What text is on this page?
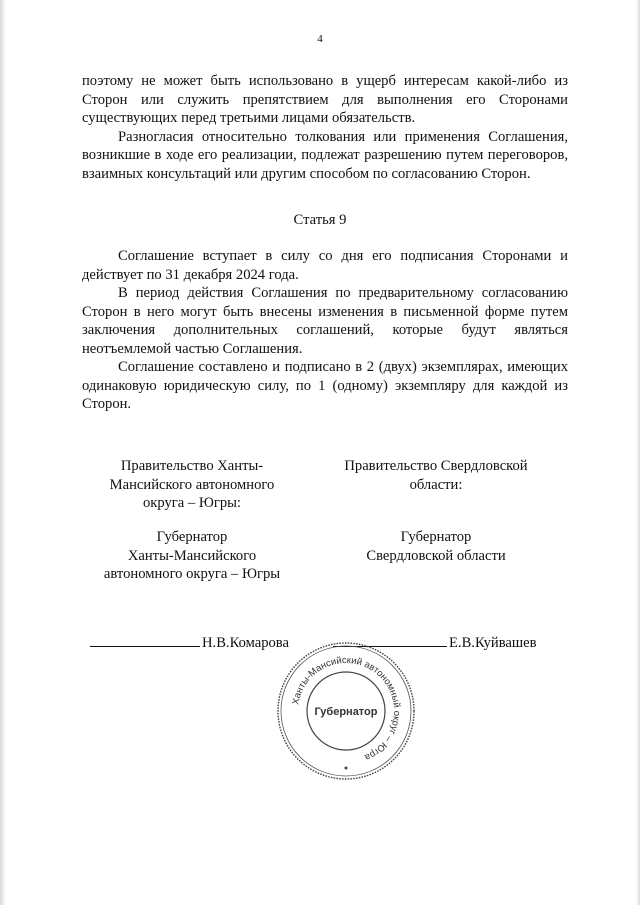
4

поэтому не может быть использовано в ущерб интересам какой-либо из Сторон или служить препятствием для выполнения его Сторонами существующих перед третьими лицами обязательств.

Разногласия относительно толкования или применения Соглашения, возникшие в ходе его реализации, подлежат разрешению путем переговоров, взаимных консультаций или другим способом по согласованию Сторон.

Статья 9

Соглашение вступает в силу со дня его подписания Сторонами и действует по 31 декабря 2024 года.

В период действия Соглашения по предварительному согласованию Сторон в него могут быть внесены изменения в письменной форме путем заключения дополнительных соглашений, которые будут являться неотъемлемой частью Соглашения.

Соглашение составлено и подписано в 2 (двух) экземплярах, имеющих одинаковую юридическую силу, по 1 (одному) экземпляру для каждой из Сторон.

Правительство Ханты-
Мансийского автономного
округа – Югры:
Губернатор
Ханты-Мансийского
автономного округа – Югры
Правительство Свердловской
области:
Губернатор
Свердловской области
Н.В.Комарова	Е.В.Куйвашев
Ханты-Мансийский автономный округ – Югра
Губернатор
